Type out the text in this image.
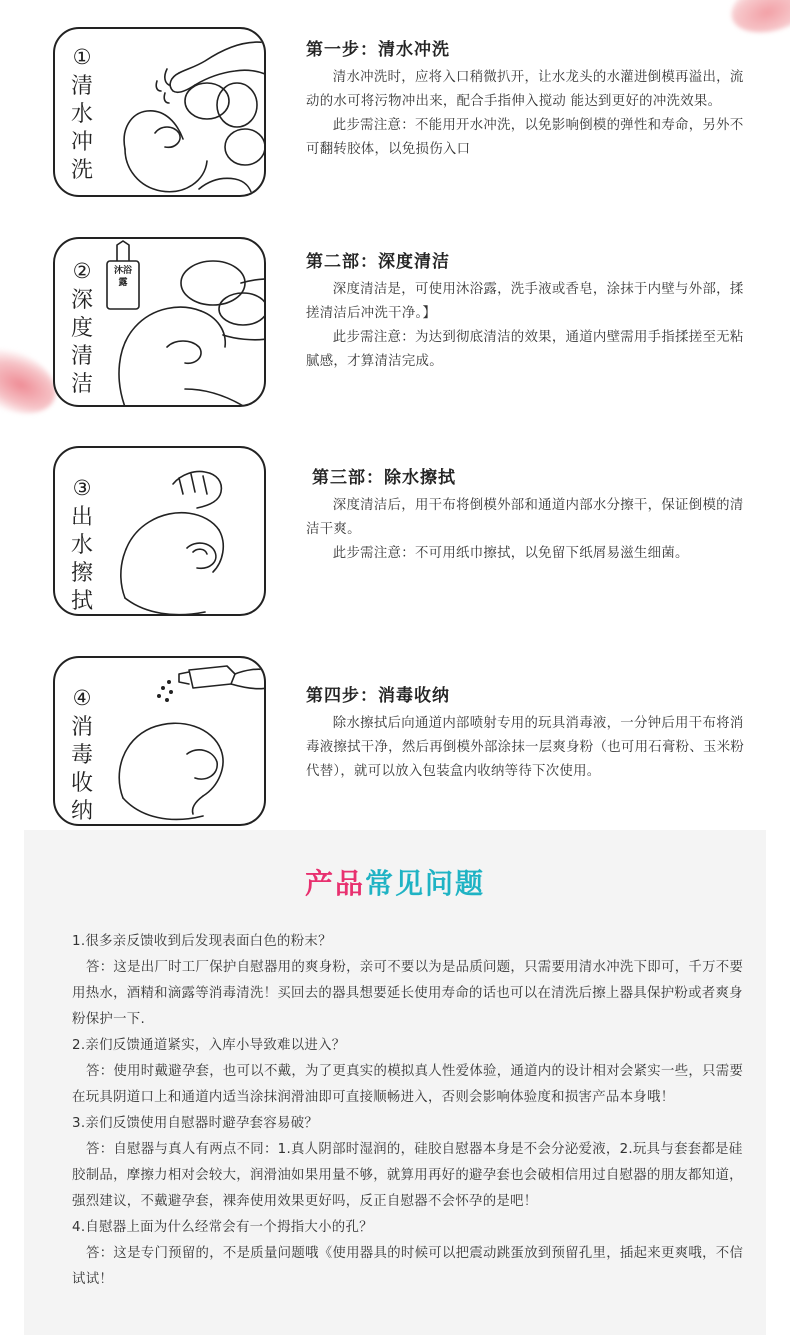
①
清
水
冲
洗
第一步：清水冲洗

清水冲洗时，应将入口稍微扒开，让水龙头的水灌进倒模再溢出，流动的水可将污物冲出来，配合手指伸入搅动 能达到更好的冲洗效果。

此步需注意：不能用开水冲洗，以免影响倒模的弹性和寿命，另外不可翻转胶体，以免损伤入口

②
深
度
清
洁
沐浴露
第二部：深度清洁

深度清洁是，可使用沐浴露，洗手液或香皂，涂抹于内壁与外部，揉搓清洁后冲洗干净。】

此步需注意：为达到彻底清洁的效果，通道内壁需用手指揉搓至无粘腻感，才算清洁完成。

③
出
水
擦
拭
第三部：除水擦拭

深度清洁后，用干布将倒模外部和通道内部水分擦干，保证倒模的清洁干爽。

此步需注意：不可用纸巾擦拭，以免留下纸屑易滋生细菌。

④
消
毒
收
纳
第四步：消毒收纳

除水擦拭后向通道内部喷射专用的玩具消毒液，一分钟后用干布将消毒液擦拭干净，然后再倒模外部涂抹一层爽身粉（也可用石膏粉、玉米粉代替），就可以放入包装盒内收纳等待下次使用。

产品常见问题

1.很多亲反馈收到后发现表面白色的粉末？

答：这是出厂时工厂保护自慰器用的爽身粉，亲可不要以为是品质问题，只需要用清水冲洗下即可，千万不要用热水，酒精和滴露等消毒清洗！买回去的器具想要延长使用寿命的话也可以在清洗后擦上器具保护粉或者爽身粉保护一下.

2.亲们反馈通道紧实，入库小导致难以进入？

答：使用时戴避孕套，也可以不戴，为了更真实的模拟真人性爱体验，通道内的设计相对会紧实一些，只需要在玩具阴道口上和通道内适当涂抹润滑油即可直接顺畅进入，否则会影响体验度和损害产品本身哦！

3.亲们反馈使用自慰器时避孕套容易破？

答：自慰器与真人有两点不同：1.真人阴部时湿润的，硅胶自慰器本身是不会分泌爱液，2.玩具与套套都是硅胶制品，摩擦力相对会较大，润滑油如果用量不够，就算用再好的避孕套也会破相信用过自慰器的朋友都知道，强烈建议，不戴避孕套，裸奔使用效果更好吗，反正自慰器不会怀孕的是吧！

4.自慰器上面为什么经常会有一个拇指大小的孔？

答：这是专门预留的，不是质量问题哦《使用器具的时候可以把震动跳蛋放到预留孔里，插起来更爽哦，不信试试！
